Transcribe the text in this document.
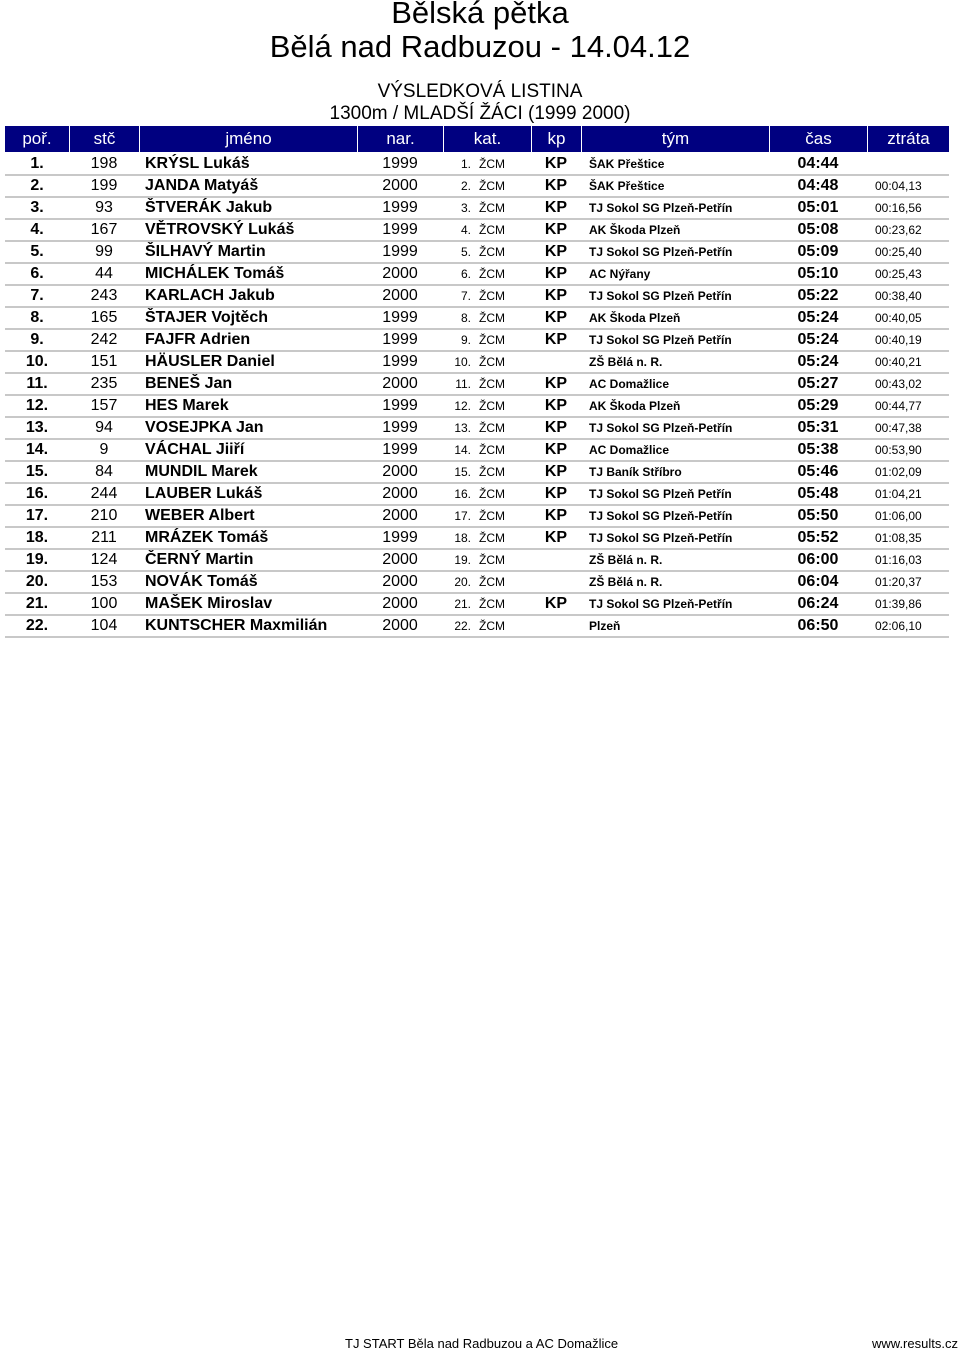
Bělská pětka
Bělá nad Radbuzou - 14.04.12
VÝSLEDKOVÁ LISTINA
1300m / MLADŠÍ ŽÁCI (1999 2000)
poř.	stč	jméno	nar.	kat.	kp	tým	čas	ztráta
1.	198	KRÝSL Lukáš	1999	1. ŽCM	KP	ŠAK Přeštice	04:44	
2.	199	JANDA Matyáš	2000	2. ŽCM	KP	ŠAK Přeštice	04:48	00:04,13
3.	93	ŠTVERÁK Jakub	1999	3. ŽCM	KP	TJ Sokol SG Plzeň-Petřín	05:01	00:16,56
4.	167	VĚTROVSKÝ Lukáš	1999	4. ŽCM	KP	AK Škoda Plzeň	05:08	00:23,62
5.	99	ŠILHAVÝ Martin	1999	5. ŽCM	KP	TJ Sokol SG Plzeň-Petřín	05:09	00:25,40
6.	44	MICHÁLEK Tomáš	2000	6. ŽCM	KP	AC Nýřany	05:10	00:25,43
7.	243	KARLACH Jakub	2000	7. ŽCM	KP	TJ Sokol SG Plzeň Petřín	05:22	00:38,40
8.	165	ŠTAJER Vojtěch	1999	8. ŽCM	KP	AK Škoda Plzeň	05:24	00:40,05
9.	242	FAJFR Adrien	1999	9. ŽCM	KP	TJ Sokol SG Plzeň Petřín	05:24	00:40,19
10.	151	HÄUSLER Daniel	1999	10. ŽCM		ZŠ Bělá n. R.	05:24	00:40,21
11.	235	BENEŠ Jan	2000	11. ŽCM	KP	AC Domažlice	05:27	00:43,02
12.	157	HES Marek	1999	12. ŽCM	KP	AK Škoda Plzeň	05:29	00:44,77
13.	94	VOSEJPKA Jan	1999	13. ŽCM	KP	TJ Sokol SG Plzeň-Petřín	05:31	00:47,38
14.	9	VÁCHAL Jiiří	1999	14. ŽCM	KP	AC Domažlice	05:38	00:53,90
15.	84	MUNDIL Marek	2000	15. ŽCM	KP	TJ Baník Stříbro	05:46	01:02,09
16.	244	LAUBER Lukáš	2000	16. ŽCM	KP	TJ Sokol SG Plzeň Petřín	05:48	01:04,21
17.	210	WEBER Albert	2000	17. ŽCM	KP	TJ Sokol SG Plzeň-Petřín	05:50	01:06,00
18.	211	MRÁZEK Tomáš	1999	18. ŽCM	KP	TJ Sokol SG Plzeň-Petřín	05:52	01:08,35
19.	124	ČERNÝ Martin	2000	19. ŽCM		ZŠ Bělá n. R.	06:00	01:16,03
20.	153	NOVÁK Tomáš	2000	20. ŽCM		ZŠ Bělá n. R.	06:04	01:20,37
21.	100	MAŠEK Miroslav	2000	21. ŽCM	KP	TJ Sokol SG Plzeň-Petřín	06:24	01:39,86
22.	104	KUNTSCHER Maxmilián	2000	22. ŽCM		Plzeň	06:50	02:06,10
TJ START Běla nad Radbuzou a AC Domažlice	www.results.cz
